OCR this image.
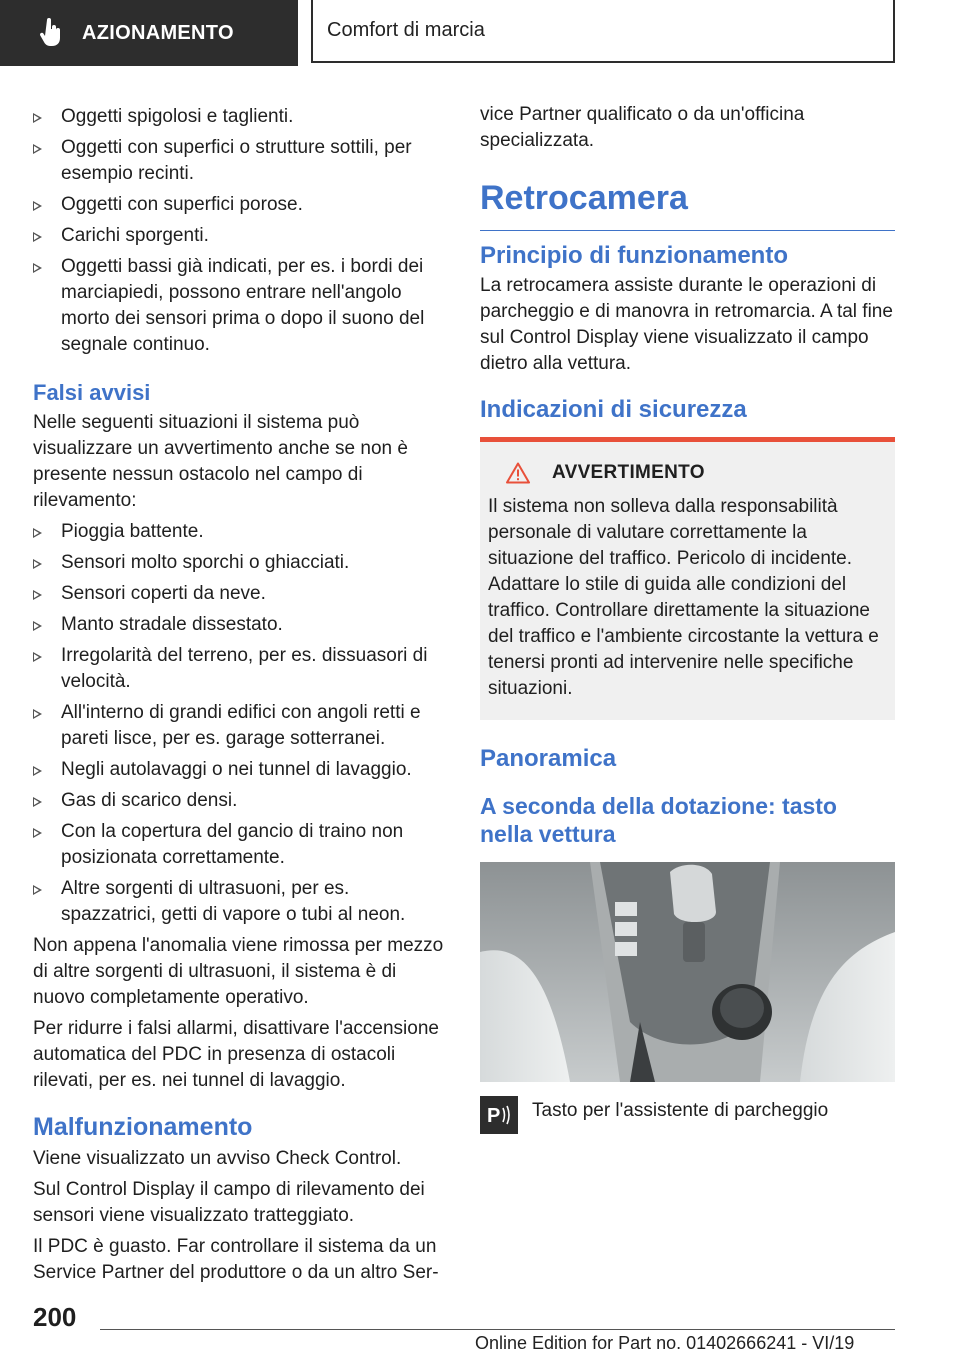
AZIONAMENTO	Comfort di marcia
Oggetti spigolosi e taglienti.
Oggetti con superfici o strutture sottili, per esempio recinti.
Oggetti con superfici porose.
Carichi sporgenti.
Oggetti bassi già indicati, per es. i bordi dei marciapiedi, possono entrare nell'angolo morto dei sensori prima o dopo il suono del segnale continuo.
Falsi avvisi

Nelle seguenti situazioni il sistema può visualizzare un avvertimento anche se non è presente nessun ostacolo nel campo di rilevamento:

Pioggia battente.
Sensori molto sporchi o ghiacciati.
Sensori coperti da neve.
Manto stradale dissestato.
Irregolarità del terreno, per es. dissuasori di velocità.
All'interno di grandi edifici con angoli retti e pareti lisce, per es. garage sotterranei.
Negli autolavaggi o nei tunnel di lavaggio.
Gas di scarico densi.
Con la copertura del gancio di traino non posizionata correttamente.
Altre sorgenti di ultrasuoni, per es. spazzatrici, getti di vapore o tubi al neon.

Non appena l'anomalia viene rimossa per mezzo di altre sorgenti di ultrasuoni, il sistema è di nuovo completamente operativo.

Per ridurre i falsi allarmi, disattivare l'accensione automatica del PDC in presenza di ostacoli rilevati, per es. nei tunnel di lavaggio.

Malfunzionamento

Viene visualizzato un avviso Check Control.

Sul Control Display il campo di rilevamento dei sensori viene visualizzato tratteggiato.

Il PDC è guasto. Far controllare il sistema da un Service Partner del produttore o da un altro Ser-

vice Partner qualificato o da un'officina specializzata.

Retrocamera
Principio di funzionamento

La retrocamera assiste durante le operazioni di parcheggio e di manovra in retromarcia. A tal fine sul Control Display viene visualizzato il campo dietro alla vettura.

Indicazioni di sicurezza
AVVERTIMENTO

Il sistema non solleva dalla responsabilità personale di valutare correttamente la situazione del traffico. Pericolo di incidente. Adattare lo stile di guida alle condizioni del traffico. Controllare direttamente la situazione del traffico e l'ambiente circostante la vettura e tenersi pronti ad intervenire nelle specifiche situazioni.

Panoramica
A seconda della dotazione: tasto nella vettura
P Tasto per l'assistente di parcheggio
200
Online Edition for Part no. 01402666241 - VI/19
